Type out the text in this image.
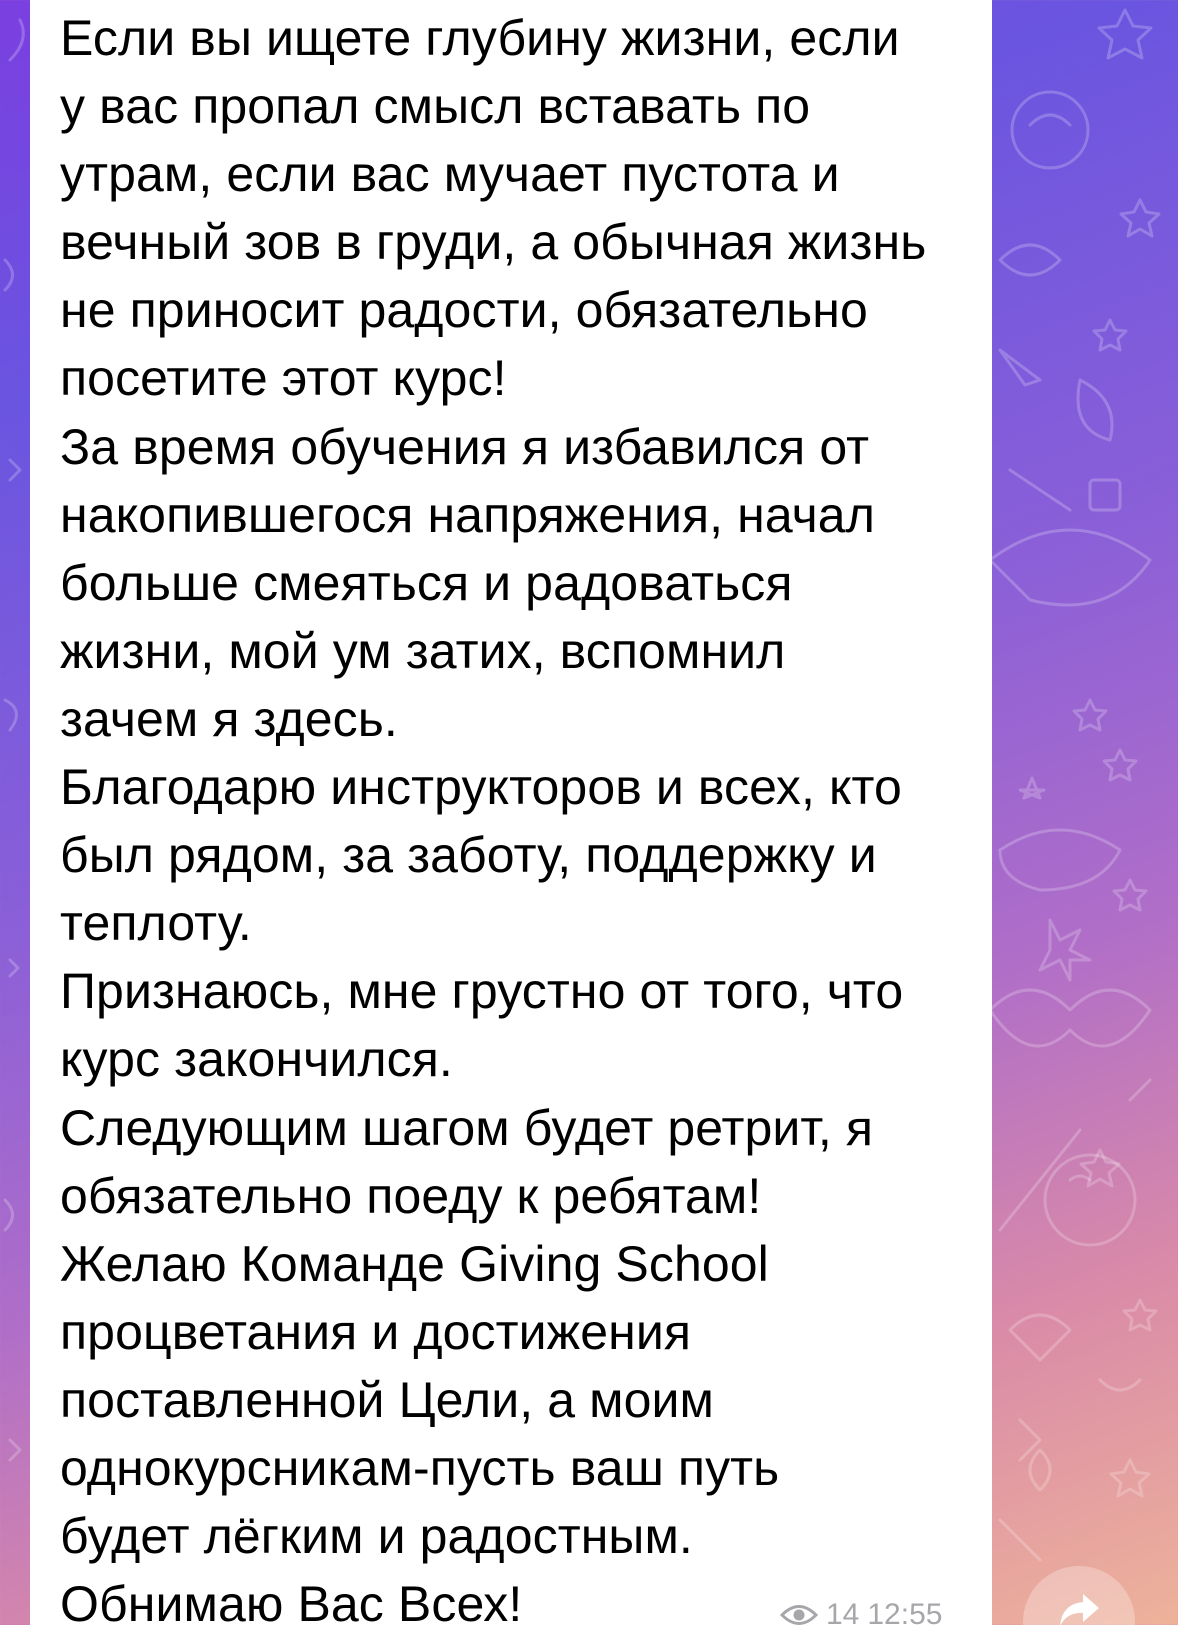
Если вы ищете глубину жизни, если
у вас пропал смысл вставать по
утрам, если вас мучает пустота и
вечный зов в груди, а обычная жизнь
не приносит радости, обязательно
посетите этот курс!
За время обучения я избавился от
накопившегося напряжения, начал
больше смеяться и радоваться
жизни, мой ум затих, вспомнил
зачем я здесь.
Благодарю инструкторов и всех, кто
был рядом, за заботу, поддержку и
теплоту.
Признаюсь, мне грустно от того, что
курс закончился.
Следующим шагом будет ретрит, я
обязательно поеду к ребятам!
Желаю Команде Giving School
процветания и достижения
поставленной Цели, а моим
однокурсникам-пусть ваш путь
будет лёгким и радостным.
Обнимаю Вас Всех!	14 12:55
